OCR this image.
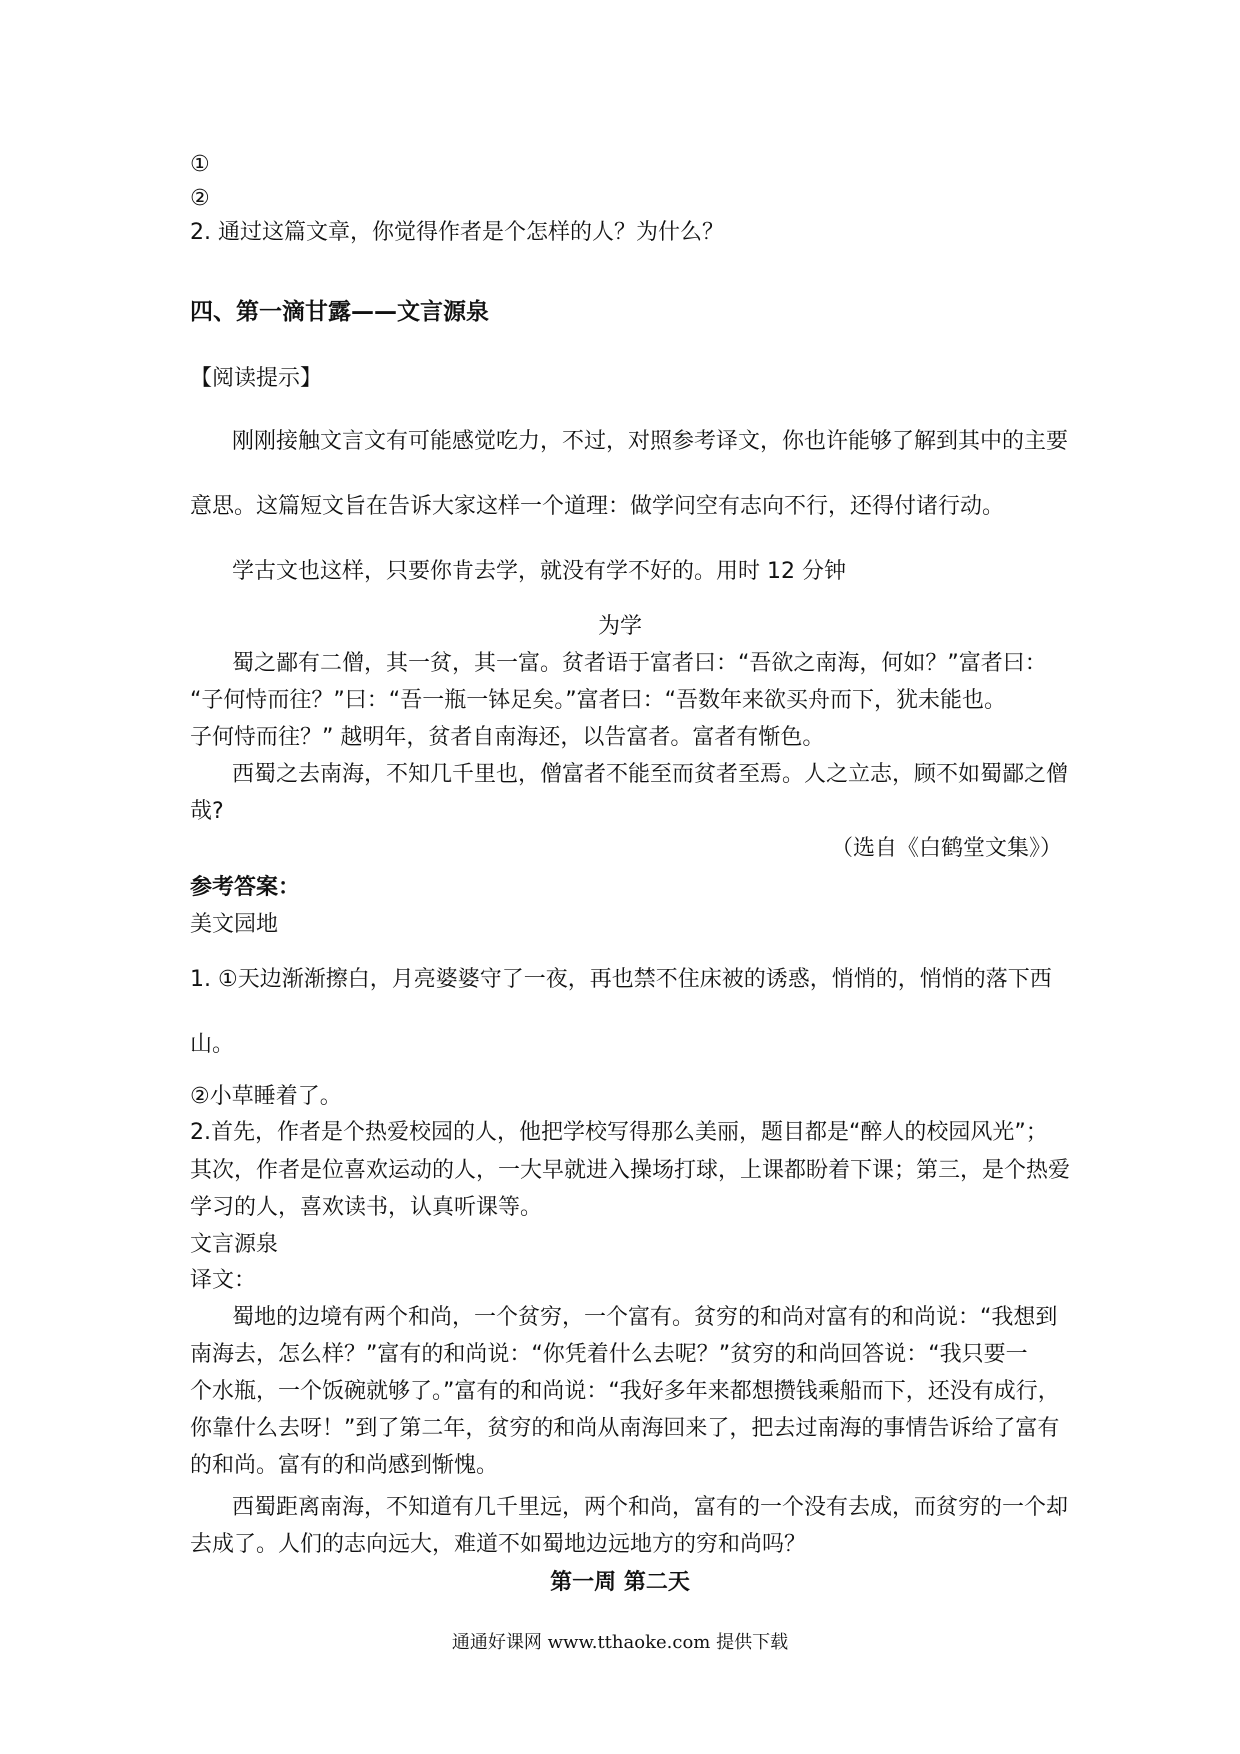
①
②
2. 通过这篇文章，你觉得作者是个怎样的人？为什么？
四、第一滴甘露——文言源泉
【阅读提示】
刚刚接触文言文有可能感觉吃力，不过，对照参考译文，你也许能够了解到其中的主要
意思。这篇短文旨在告诉大家这样一个道理：做学问空有志向不行，还得付诸行动。
学古文也这样，只要你肯去学，就没有学不好的。用时 12 分钟
为学
蜀之鄙有二僧，其一贫，其一富。贫者语于富者曰：“吾欲之南海，何如？”富者曰：
“子何恃而往？”曰：“吾一瓶一钵足矣。”富者曰：“吾数年来欲买舟而下，犹未能也。
子何恃而往？” 越明年，贫者自南海还，以告富者。富者有惭色。
西蜀之去南海，不知几千里也，僧富者不能至而贫者至焉。人之立志，顾不如蜀鄙之僧
哉?
（选自《白鹤堂文集》）
参考答案：
美文园地
1. ①天边渐渐擦白，月亮婆婆守了一夜，再也禁不住床被的诱惑，悄悄的，悄悄的落下西
山。
②小草睡着了。
2.首先，作者是个热爱校园的人，他把学校写得那么美丽，题目都是“醉人的校园风光”；
其次，作者是位喜欢运动的人，一大早就进入操场打球，上课都盼着下课；第三，是个热爱
学习的人，喜欢读书，认真听课等。
文言源泉
译文：
蜀地的边境有两个和尚，一个贫穷，一个富有。贫穷的和尚对富有的和尚说：“我想到
南海去，怎么样？”富有的和尚说：“你凭着什么去呢？”贫穷的和尚回答说：“我只要一
个水瓶，一个饭碗就够了。”富有的和尚说：“我好多年来都想攒钱乘船而下，还没有成行，
你靠什么去呀！”到了第二年，贫穷的和尚从南海回来了，把去过南海的事情告诉给了富有
的和尚。富有的和尚感到惭愧。
西蜀距离南海，不知道有几千里远，两个和尚，富有的一个没有去成，而贫穷的一个却
去成了。人们的志向远大，难道不如蜀地边远地方的穷和尚吗？
第一周 第二天
通通好课网 www.tthaoke.com 提供下载
